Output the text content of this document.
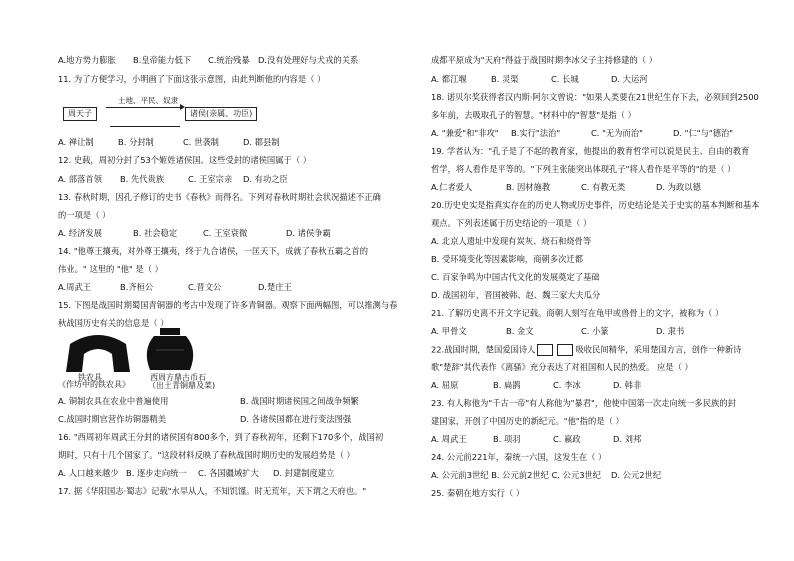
A.地方势力膨胀 B.皇帝能力低下 C.统治残暴 D.没有处理好与犬戎的关系
11. 为了方便学习，小明画了下面这张示意图，由此判断他的内容是（ ）
周天子
土地、平民、奴隶
诸侯(亲属、功臣)
A. 禅让制	B. 分封制	C. 世袭制	D. 郡县制
12. 史载，周初分封了53个姬姓诸侯国。这些受封的诸侯国属于（ ）
A. 部落首领 B. 先代贵族	C. 王室宗亲 D. 有功之臣
13. 春秋时期，因孔子修订的史书《春秋》而得名。下列对春秋时期社会状况描述不正确
的一项是（ ）
A. 经济发展	B. 社会稳定	C. 王室衰微	D. 诸侯争霸
14. "他尊王攘夷，对外尊王攘夷，终于九合诸侯，一匡天下，成就了春秋五霸之首的
伟业。" 这里的 "他" 是（ ）
A.周武王	B.齐桓公	C.晋文公	D.楚庄王
15. 下图是战国时期蜀国青铜器的考古中发现了许多青铜器。观察下面两幅图，可以推测与春
秋战国历史有关的信息是（ ）
铁农具
《作坊中的铁农具》
西周方鼎古币石
（出土青铜鼎及菜)
A. 铜制农具在农业中普遍使用	B. 战国时期诸侯国之间战争频繁
C.战国时期官营作坊铜器精美	D. 各诸侯国都在进行变法图强
16. "西周初年周武王分封的诸侯国有800多个，到了春秋初年，还剩下170多个，战国初
期时，只有十几个国家了。"这段材料反映了春秋战国时期历史的发展趋势是（ ）
A. 人口越来越少 B. 逐步走向统一 C. 各国疆域扩大 D. 封建制度建立
17. 据《华阳国志·蜀志》记载"水旱从人，不知饥馑。时无荒年，天下谓之天府也。"
成都平原成为"天府"得益于战国时期李冰父子主持修建的（ ）
A. 都江堰	B. 灵渠	C. 长城	D. 大运河
18. 诺贝尔奖获得者汉内斯·阿尔文曾说："如果人类要在21世纪生存下去，必须回到2500
多年前，去吸取孔子的智慧。"材料中的"智慧"是指（ ）
A. "兼爱"和"非攻" B.实行"法治"	C. "无为而治"	D. "仁"与"德治"
19. 学者认为："孔子是了不起的教育家，他提出的教育哲学可以说是民主、自由的教育
哲学，将人看作是平等的。"下列主张能突出体现孔子"将人看作是平等的"的是（ ）
A.仁者爱人	B. 因材施教	C. 有教无类	D. 为政以德
20.历史史实是指真实存在的历史人物或历史事件，历史结论是关于史实的基本判断和基本
观点。下列表述属于历史结论的一项是（ ）
A. 北京人遗址中发现有炭灰、烧石和烧骨等
B. 受环境变化等因素影响，商朝多次迁都
C. 百家争鸣为中国古代文化的发展奠定了基础
D. 战国初年，晋国被韩、赵、魏三家大夫瓜分
21. 了解历史离不开文字记载。商朝人刻写在龟甲或兽骨上的文字，被称为（ ）
A. 甲骨文	B. 金文	C. 小篆	D. 隶书
22.战国时期，楚国爱国诗人	吸收民间精华，采用楚国方言，创作一种新诗
歌"楚辞"其代表作《离骚》充分表达了对祖国和人民的热爱。 应是（ ）
A. 屈原	B. 扁鹊	C. 李冰	D. 韩非
23. 有人称他为"千古一帝"有人称他为"暴君"，他使中国第一次走向统一多民族的封
建国家，开创了中国历史的新纪元。"他"指的是（ ）
A. 周武王	B. 项羽	C. 嬴政	D. 刘邦
24. 公元前221年，秦统一六国，这发生在（ ）
A. 公元前3世纪 B. 公元前2世纪 C. 公元3世纪 D. 公元2世纪
25. 秦朝在地方实行（ ）
